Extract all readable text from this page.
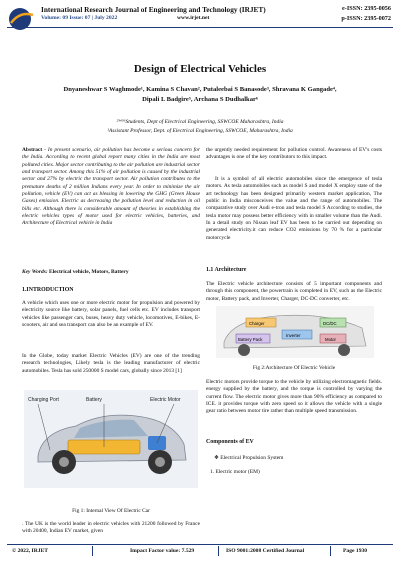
International Research Journal of Engineering and Technology (IRJET)	e-ISSN: 2395-0056
Volume: 09 Issue: 07 | July 2022	www.irjet.net	p-ISSN: 2395-0072
Design of Electrical Vehicles
Dnyaneshwar S Waghmode¹, Kamina S Chavan², Putaleebai S Banasode³, Shravana K Gangade⁴,
Dipali L Badgire⁵, Archana S Dudhalkar⁶
²³⁴⁵⁶Students, Dept of Electrical Engineering, SSWCOE Maharashtra, India
¹Assistant Professor, Dept. of Electrical Engineering, SSWCOE, Maharashtra, India
Abstract - In present scenario, air pollution has become a serious concern for the India. According to recent global report many cities in the India are most polluted cities. Major sector contributing to the air pollution are industrial sector and transport sector. Among this 51% of air pollution is caused by the industrial sector and 27% by electric the transport sector. Air pollution contributes to the premature deaths of 2 million Indians every year. In order to minimize the air pollution, vehicle (EV) can act as blessing in lowering the GHG (Green House Gases) emission. Electric as decreasing the pollution level and reduction in oil bills etc. Although there is considerable amount of theories in establishing the electric vehicles types of motor used for electric vehicles, batteries, and Architecture of Electrical vehicle in India
Key Words: Electrical vehicle, Motors, Battery
1.INTRODUCTION
A vehicle which uses one or more electric motor for propulsion and powered by electricity source like battery, solar panels, fuel cells etc. EV includes transport vehicles like passenger cars, buses, heavy duty vehicle, locomotives, E-bikes, E-scooters, air and sea transport can also be an example of EV.
In the Globe, today market Electric Vehicles (EV) are one of the trending research technologies, Likely tesla is the leading manufacturer of electric automobiles. Tesla has sold 250000 S model cars, globally since 2013 [1]
Battery	Electric Motor
Charging Port
Fig 1: Internal View Of Electric Car
. The UK is the world leader in electric vehicles with 21200 followed by France with 20400, Indian EV market, given
the urgently needed requirement for pollution control. Awareness of EV's costs advantages is one of the key contributors to this impact.
It is a symbol of all electric automobiles since the emergence of tesla motors. As tesla automobiles such as model S and model X employ state of the art technology has been designed primarily western market application, The public in India misconceives the value and the range of automobiles. The comparative study over Audi e-tron and tesla model S According to studies, the tesla motor may possess better efficiency with in smaller volume than the Audi. In a detail study on Nissan leaf EV has been to be carried out depending on generated electricity.it can reduce CO2 emissions by 70 % for a particular motorcycle
1.1 Architecture
The Electric vehicle architecture consists of 5 important components and through this component, the powertrain is completed in EV, such as the Electric motor, Battery pack, and Inverter, Charger, DC-DC converter, etc.
Charger
Inverter
DC/DC
Motor
Battery Pack
Fig 2:Architecture Of Electric Vehicle
Electric motors provide torque to the vehicle by utilizing electromagnetic fields. energy supplied by the battery, and the torque is controlled by varying the current flow. The electric motor gives more than 90% efficiency as compared to ICE. it provides torque with zero speed so it allows the vehicle with a single gear ratio between motor tire rather than multiple speed transmission.
Components of EV
❖ Electrical Propulsion System
1. Electric motor (EM)
© 2022, IRJET	Impact Factor value: 7.529	ISO 9001:2008 Certified Journal	Page 1930
